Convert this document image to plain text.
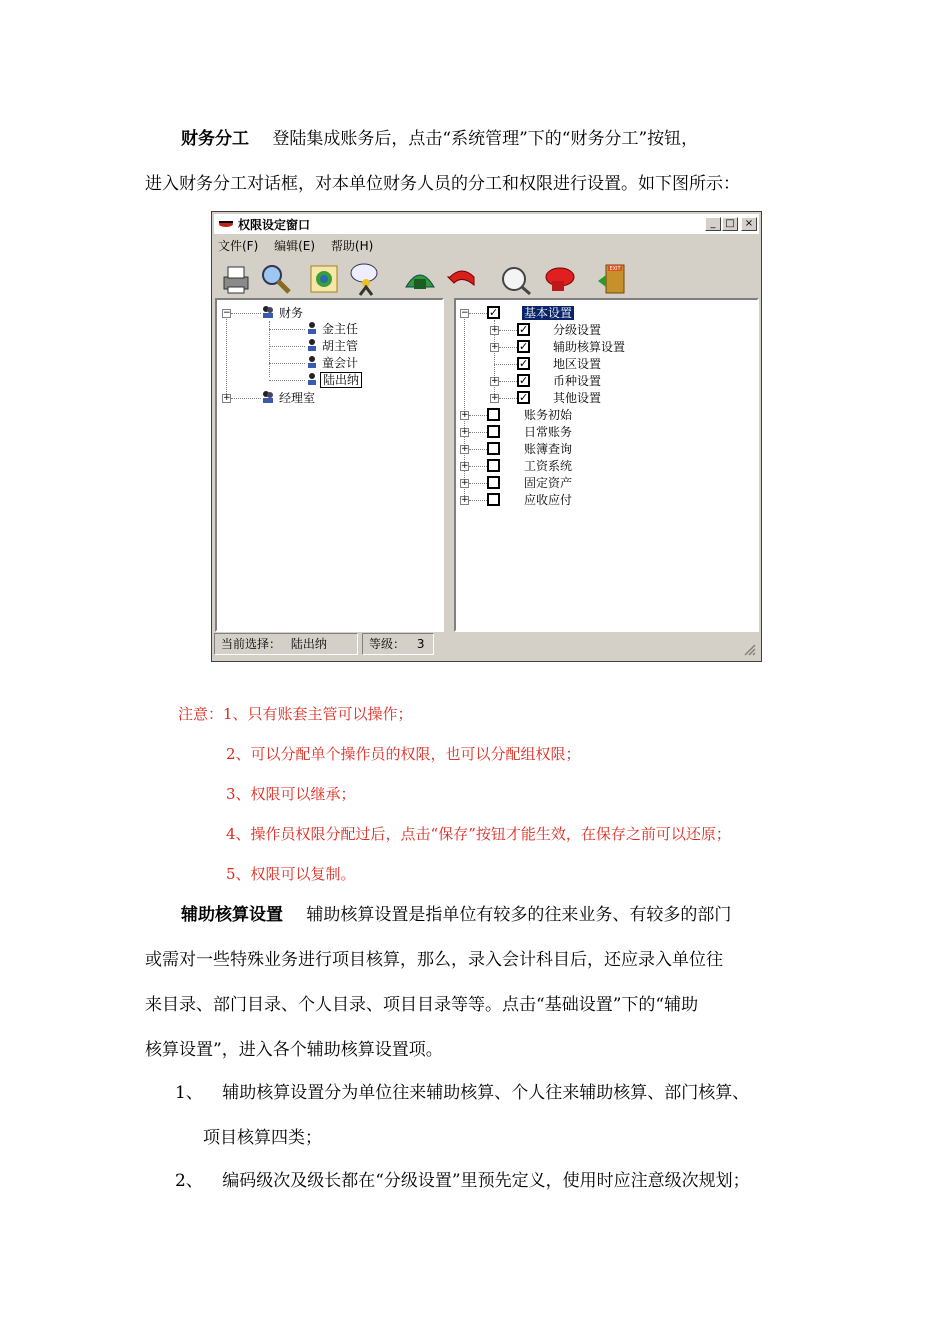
财务分工 登陆集成账务后，点击“系统管理”下的“财务分工”按钮，
进入财务分工对话框，对本单位财务人员的分工和权限进行设置。如下图所示：
权限设定窗口	_ □	×
文件(F) 编辑(E) 帮助(H)
EXIT
−	财务
金主任
胡主管
童会计
陆出纳
+	经理室
− ✓ 基本设置
+ ✓ 分级设置
+ ✓ 辅助核算设置
✓ 地区设置
+ ✓ 币种设置
+ ✓ 其他设置
+	账务初始
+	日常账务
+	账簿查询
+	工资系统
+	固定资产
+	应收应付
当前选择： 陆出纳	等级： 3
注意：1、只有账套主管可以操作；
2、可以分配单个操作员的权限，也可以分配组权限；
3、权限可以继承；
4、操作员权限分配过后，点击“保存”按钮才能生效，在保存之前可以还原；
5、权限可以复制。
辅助核算设置 辅助核算设置是指单位有较多的往来业务、有较多的部门
或需对一些特殊业务进行项目核算，那么，录入会计科目后，还应录入单位往
来目录、部门目录、个人目录、项目目录等等。点击“基础设置”下的“辅助
核算设置”，进入各个辅助核算设置项。
1、 辅助核算设置分为单位往来辅助核算、个人往来辅助核算、部门核算、
项目核算四类；
2、 编码级次及级长都在“分级设置”里预先定义，使用时应注意级次规划；
